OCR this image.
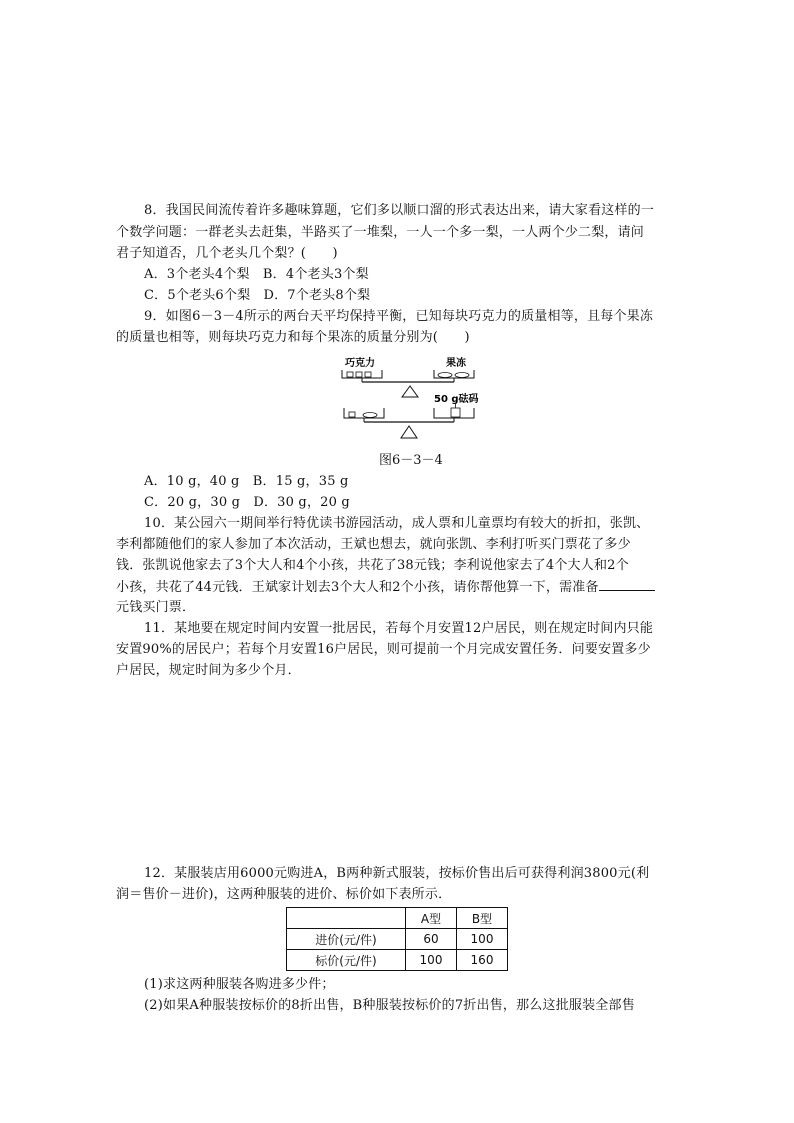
8．我国民间流传着许多趣味算题，它们多以顺口溜的形式表达出来，请大家看这样的一
个数学问题：一群老头去赶集，半路买了一堆梨，一人一个多一梨，一人两个少二梨，请问
君子知道否，几个老头几个梨？(　　)
A．3个老头4个梨　B．4个老头3个梨
C．5个老头6个梨　D．7个老头8个梨
9．如图6－3－4所示的两台天平均保持平衡，已知每块巧克力的质量相等，且每个果冻
的质量也相等，则每块巧克力和每个果冻的质量分别为(　　)
巧克力	果冻
50 g砝码
图6－3－4
A．10 g，40 g　B．15 g，35 g
C．20 g，30 g　D．30 g，20 g
10．某公园六一期间举行特优读书游园活动，成人票和儿童票均有较大的折扣，张凯、
李利都随他们的家人参加了本次活动，王斌也想去，就向张凯、李利打听买门票花了多少
钱．张凯说他家去了3个大人和4个小孩，共花了38元钱；李利说他家去了4个大人和2个
小孩，共花了44元钱．王斌家计划去3个大人和2个小孩，请你帮他算一下，需准备
元钱买门票．
11．某地要在规定时间内安置一批居民，若每个月安置12户居民，则在规定时间内只能
安置90%的居民户；若每个月安置16户居民，则可提前一个月完成安置任务．问要安置多少
户居民，规定时间为多少个月．
12．某服装店用6000元购进A，B两种新式服装，按标价售出后可获得利润3800元(利
润＝售价－进价)，这两种服装的进价、标价如下表所示．
	A型	B型
进价(元/件)	60	100
标价(元/件)	100	160
(1)求这两种服装各购进多少件；
(2)如果A种服装按标价的8折出售，B种服装按标价的7折出售，那么这批服装全部售
